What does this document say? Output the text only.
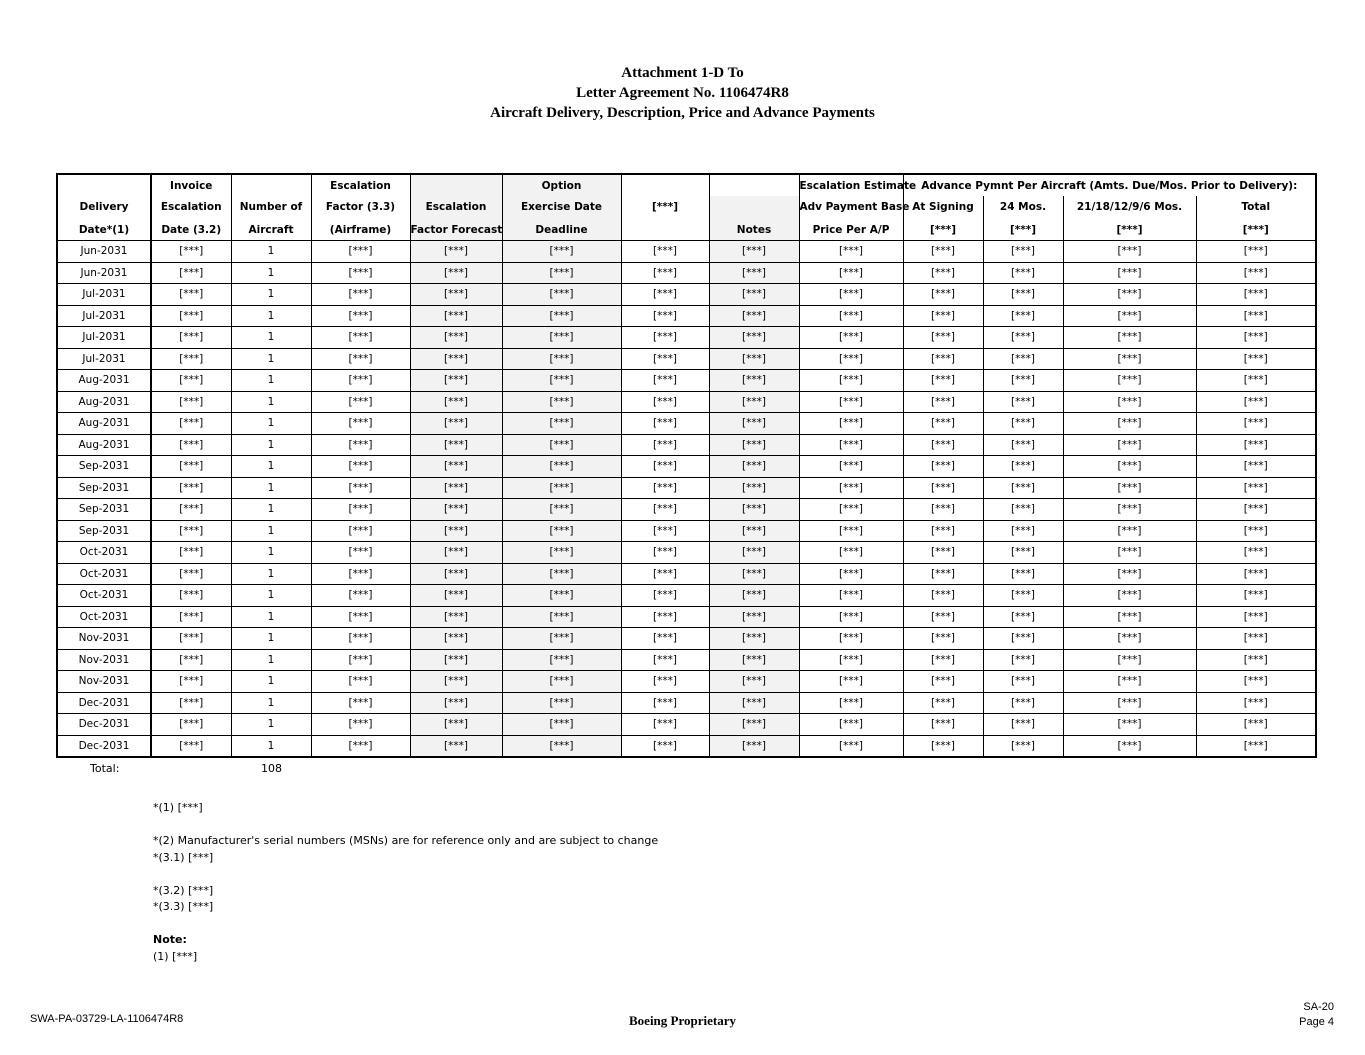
Attachment 1-D To
Letter Agreement No. 1106474R8
Aircraft Delivery, Description, Price and Advance Payments
	Invoice		Escalation		Option			Escalation Estimate	Advance Pymnt Per Aircraft (Amts. Due/Mos. Prior to Delivery):			
Delivery	Escalation	Number of	Factor (3.3)	Escalation	Exercise Date	[***]		Adv Payment Base	At Signing	24 Mos.	21/18/12/9/6 Mos.	Total
Date*(1)	Date (3.2)	Aircraft	(Airframe)	Factor Forecast	Deadline		Notes	Price Per A/P	[***]	[***]	[***]	[***]
Jun-2031	[***]	1	[***]	[***]	[***]	[***]	[***]	[***]	[***]	[***]	[***]	[***]
Jun-2031	[***]	1	[***]	[***]	[***]	[***]	[***]	[***]	[***]	[***]	[***]	[***]
Jul-2031	[***]	1	[***]	[***]	[***]	[***]	[***]	[***]	[***]	[***]	[***]	[***]
Jul-2031	[***]	1	[***]	[***]	[***]	[***]	[***]	[***]	[***]	[***]	[***]	[***]
Jul-2031	[***]	1	[***]	[***]	[***]	[***]	[***]	[***]	[***]	[***]	[***]	[***]
Jul-2031	[***]	1	[***]	[***]	[***]	[***]	[***]	[***]	[***]	[***]	[***]	[***]
Aug-2031	[***]	1	[***]	[***]	[***]	[***]	[***]	[***]	[***]	[***]	[***]	[***]
Aug-2031	[***]	1	[***]	[***]	[***]	[***]	[***]	[***]	[***]	[***]	[***]	[***]
Aug-2031	[***]	1	[***]	[***]	[***]	[***]	[***]	[***]	[***]	[***]	[***]	[***]
Aug-2031	[***]	1	[***]	[***]	[***]	[***]	[***]	[***]	[***]	[***]	[***]	[***]
Sep-2031	[***]	1	[***]	[***]	[***]	[***]	[***]	[***]	[***]	[***]	[***]	[***]
Sep-2031	[***]	1	[***]	[***]	[***]	[***]	[***]	[***]	[***]	[***]	[***]	[***]
Sep-2031	[***]	1	[***]	[***]	[***]	[***]	[***]	[***]	[***]	[***]	[***]	[***]
Sep-2031	[***]	1	[***]	[***]	[***]	[***]	[***]	[***]	[***]	[***]	[***]	[***]
Oct-2031	[***]	1	[***]	[***]	[***]	[***]	[***]	[***]	[***]	[***]	[***]	[***]
Oct-2031	[***]	1	[***]	[***]	[***]	[***]	[***]	[***]	[***]	[***]	[***]	[***]
Oct-2031	[***]	1	[***]	[***]	[***]	[***]	[***]	[***]	[***]	[***]	[***]	[***]
Oct-2031	[***]	1	[***]	[***]	[***]	[***]	[***]	[***]	[***]	[***]	[***]	[***]
Nov-2031	[***]	1	[***]	[***]	[***]	[***]	[***]	[***]	[***]	[***]	[***]	[***]
Nov-2031	[***]	1	[***]	[***]	[***]	[***]	[***]	[***]	[***]	[***]	[***]	[***]
Nov-2031	[***]	1	[***]	[***]	[***]	[***]	[***]	[***]	[***]	[***]	[***]	[***]
Dec-2031	[***]	1	[***]	[***]	[***]	[***]	[***]	[***]	[***]	[***]	[***]	[***]
Dec-2031	[***]	1	[***]	[***]	[***]	[***]	[***]	[***]	[***]	[***]	[***]	[***]
Dec-2031	[***]	1	[***]	[***]	[***]	[***]	[***]	[***]	[***]	[***]	[***]	[***]
Total:	108
*(1) [***]
*(2) Manufacturer's serial numbers (MSNs) are for reference only and are subject to change
*(3.1) [***]
*(3.2) [***]
*(3.3) [***]
Note:
(1) [***]
SWA-PA-03729-LA-1106474R8	Boeing Proprietary
SA-20
Page 4
